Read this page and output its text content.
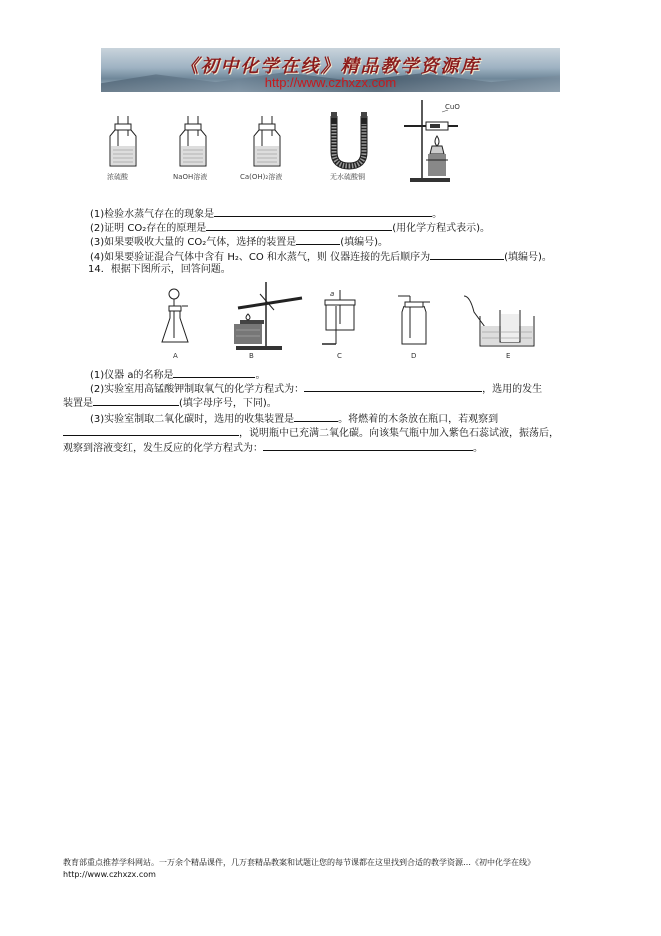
《初中化学在线》精品教学资源库
http://www.czhxzx.com
浓硫酸	NaOH溶液	Ca(OH)₂溶液	无水硫酸铜
CuO
(1)检验水蒸气存在的现象是	。
(2)证明 CO₂存在的原理是	(用化学方程式表示)。
(3)如果要吸收大量的 CO₂气体，选择的装置是	(填编号)。
(4)如果要验证混合气体中含有 H₂、CO 和水蒸气，则 仪器连接的先后顺序为	(填编号)。
14．根据下图所示，回答问题。
A	B
a
C	D	E
(1)仪器 a的名称是	。
(2)实验室用高锰酸钾制取氧气的化学方程式为：	，选用的发生
装置是	(填字母序号，下同)。
(3)实验室制取二氧化碳时，选用的收集装置是	。将燃着的木条放在瓶口，若观察到
，说明瓶中已充满二氧化碳。向该集气瓶中加入紫色石蕊试液，振荡后，
观察到溶液变红，发生反应的化学方程式为：	。
教育部重点推荐学科网站。一万余个精品课件，几万套精品教案和试题让您的每节课都在这里找到合适的教学资源…《初中化学在线》http://www.czhxzx.com
